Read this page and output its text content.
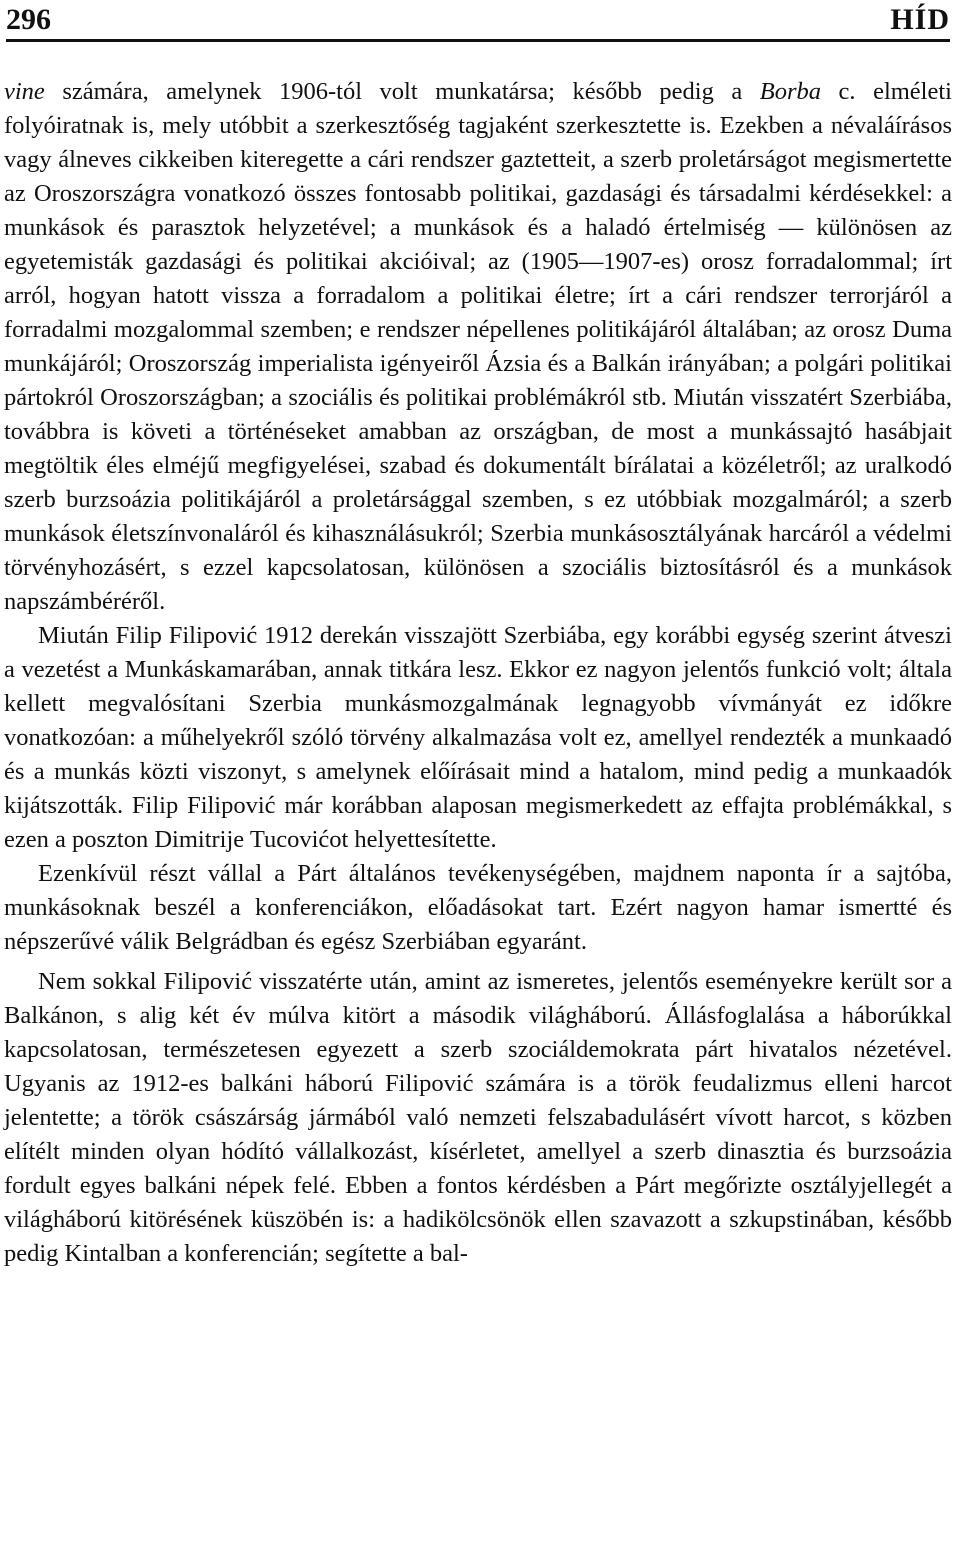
296	HÍD

vine számára, amelynek 1906-tól volt munkatársa; később pedig a Borba c. elméleti folyóiratnak is, mely utóbbit a szerkesztőség tagjaként szerkesztette is. Ezekben a névaláírásos vagy álneves cikkeiben kiteregette a cári rendszer gaztetteit, a szerb proletárságot megismertette az Oroszországra vonatkozó összes fontosabb politikai, gazdasági és társadalmi kérdésekkel: a munkások és parasztok helyzetével; a munkások és a haladó értelmiség — különösen az egyetemisták gazdasági és politikai akcióival; az (1905—1907-es) orosz forradalommal; írt arról, hogyan hatott vissza a forradalom a politikai életre; írt a cári rendszer terrorjáról a forradalmi mozgalommal szemben; e rendszer népellenes politikájáról általában; az orosz Duma munkájáról; Oroszország imperialista igényeiről Ázsia és a Balkán irányában; a polgári politikai pártokról Oroszországban; a szociális és politikai problémákról stb. Miután visszatért Szerbiába, továbbra is követi a történéseket amabban az országban, de most a munkássajtó hasábjait megtöltik éles elméjű megfigyelései, szabad és dokumentált bírálatai a közéletről; az uralkodó szerb burzsoázia politikájáról a proletársággal szemben, s ez utóbbiak mozgalmáról; a szerb munkások életszínvonaláról és kihasználásukról; Szerbia munkásosztályának harcáról a védelmi törvényhozásért, s ezzel kapcsolatosan, különösen a szociális biztosításról és a munkások napszámbéréről.

Miután Filip Filipović 1912 derekán visszajött Szerbiába, egy korábbi egység szerint átveszi a vezetést a Munkáskamarában, annak titkára lesz. Ekkor ez nagyon jelentős funkció volt; általa kellett megvalósítani Szerbia munkásmozgalmának legnagyobb vívmányát ez időkre vonatkozóan: a műhelyekről szóló törvény alkalmazása volt ez, amellyel rendezték a munkaadó és a munkás közti viszonyt, s amelynek előírásait mind a hatalom, mind pedig a munkaadók kijátszották. Filip Filipović már korábban alaposan megismerkedett az effajta problémákkal, s ezen a poszton Dimitrije Tucovićot helyettesítette.

Ezenkívül részt vállal a Párt általános tevékenységében, majdnem naponta ír a sajtóba, munkásoknak beszél a konferenciákon, előadásokat tart. Ezért nagyon hamar ismertté és népszerűvé válik Belgrádban és egész Szerbiában egyaránt.

Nem sokkal Filipović visszatérte után, amint az ismeretes, jelentős eseményekre került sor a Balkánon, s alig két év múlva kitört a második világháború. Állásfoglalása a háborúkkal kapcsolatosan, természetesen egyezett a szerb szociáldemokrata párt hivatalos nézetével. Ugyanis az 1912-es balkáni háború Filipović számára is a török feudalizmus elleni harcot jelentette; a török császárság jármából való nemzeti felszabadulásért vívott harcot, s közben elítélt minden olyan hódító vállalkozást, kísérletet, amellyel a szerb dinasztia és burzsoázia fordult egyes balkáni népek felé. Ebben a fontos kérdésben a Párt megőrizte osztályjellegét a világháború kitörésének küszöbén is: a hadikölcsönök ellen szavazott a szkupstinában, később pedig Kintalban a konferencián; segítette a bal-
